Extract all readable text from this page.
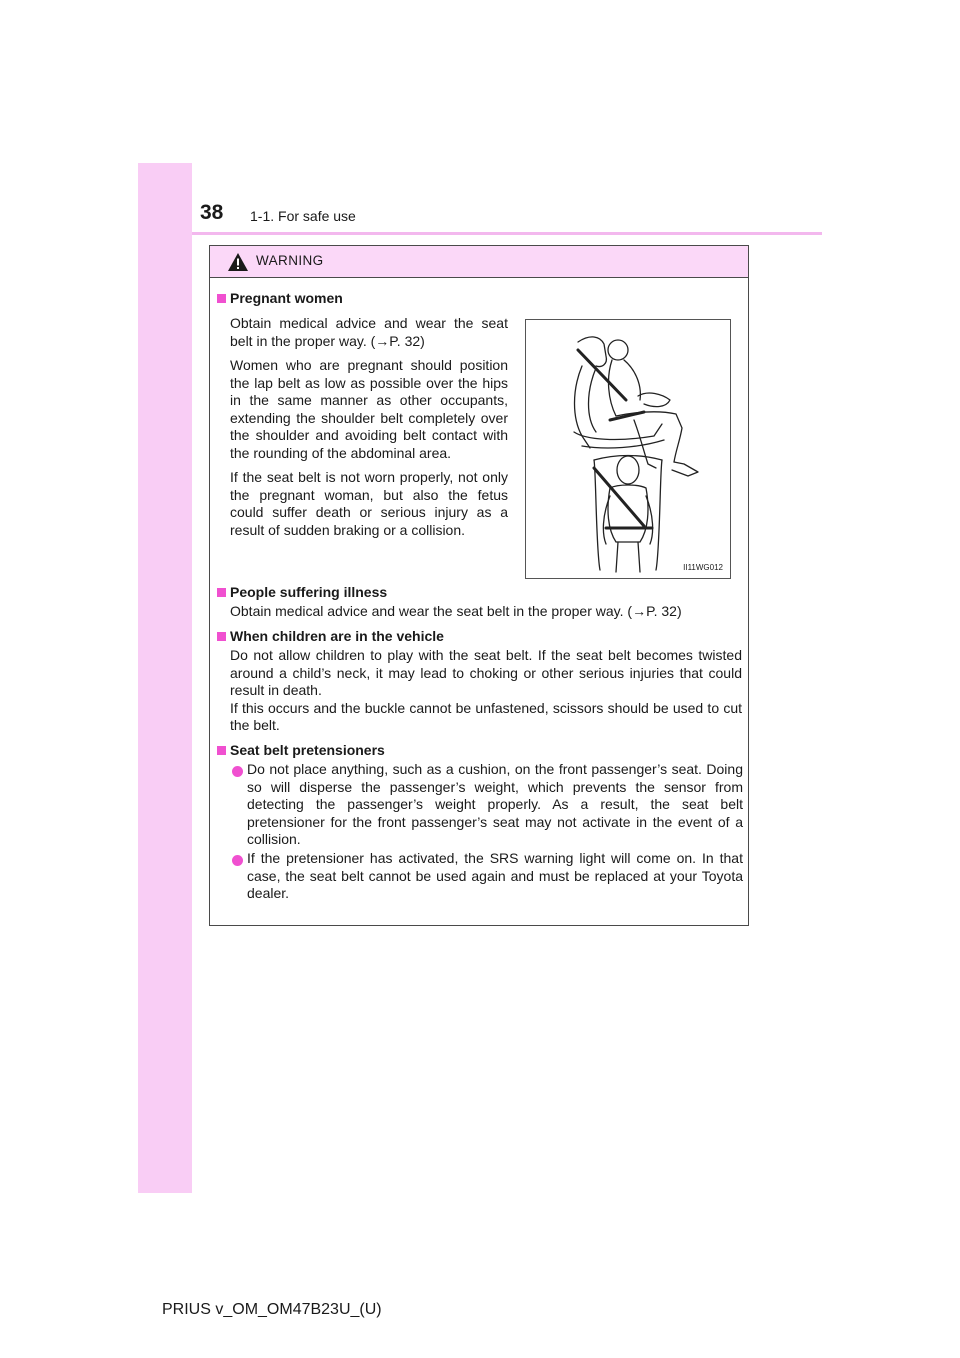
38 1-1. For safe use
WARNING
Pregnant women
Obtain medical advice and wear the seat belt in the proper way. (→P. 32)
Women who are pregnant should position the lap belt as low as possible over the hips in the same manner as other occupants, extending the shoulder belt completely over the shoulder and avoiding belt contact with the rounding of the abdominal area.
If the seat belt is not worn properly, not only the pregnant woman, but also the fetus could suffer death or serious injury as a result of sudden braking or a collision.
II11WG012
People suffering illness
Obtain medical advice and wear the seat belt in the proper way. (→P. 32)
When children are in the vehicle
Do not allow children to play with the seat belt. If the seat belt becomes twisted around a child’s neck, it may lead to choking or other serious injuries that could result in death.
If this occurs and the buckle cannot be unfastened, scissors should be used to cut the belt.
Seat belt pretensioners
Do not place anything, such as a cushion, on the front passenger’s seat. Doing so will disperse the passenger’s weight, which prevents the sensor from detecting the passenger’s weight properly. As a result, the seat belt pretensioner for the front passenger’s seat may not activate in the event of a collision.
If the pretensioner has activated, the SRS warning light will come on. In that case, the seat belt cannot be used again and must be replaced at your Toyota dealer.
PRIUS v_OM_OM47B23U_(U)
